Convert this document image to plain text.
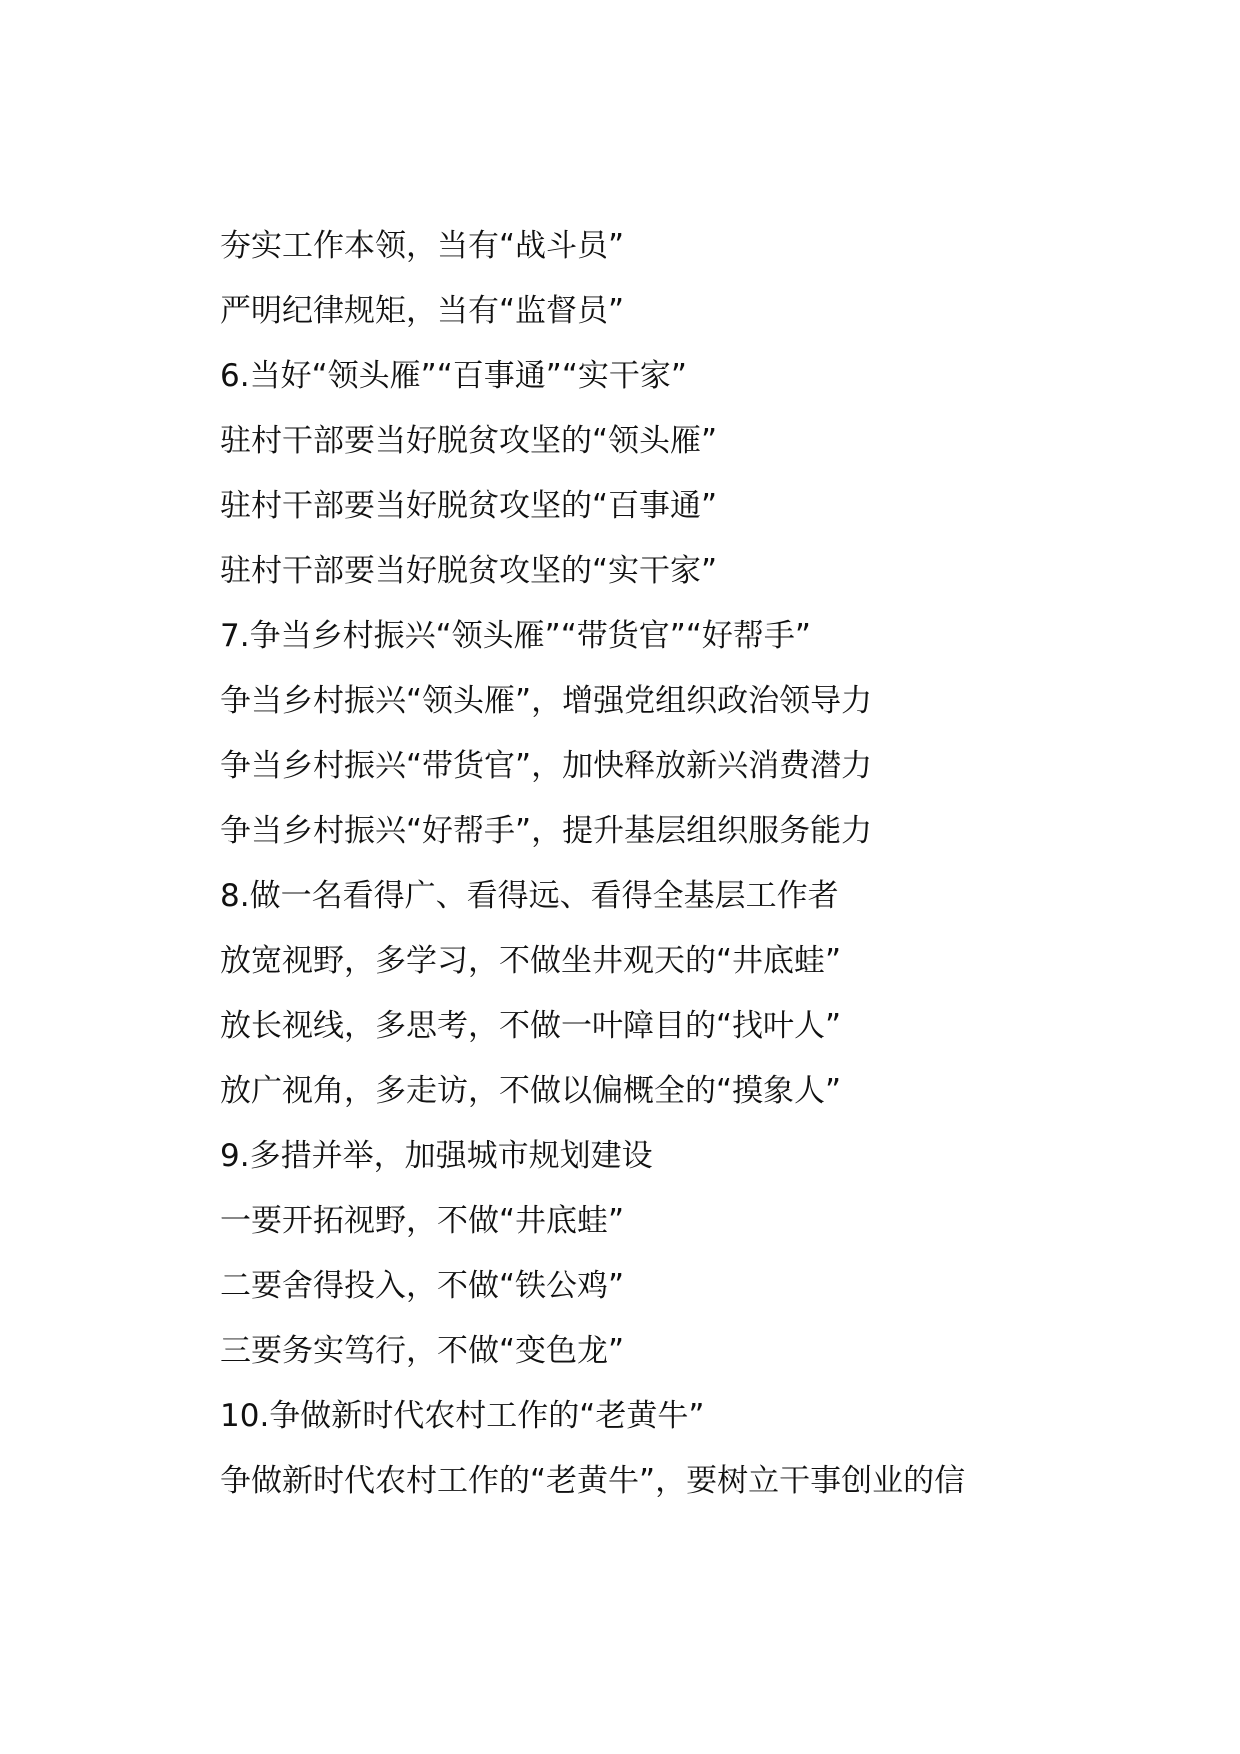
夯实工作本领，当有“战斗员”
严明纪律规矩，当有“监督员”
6.当好“领头雁”“百事通”“实干家”
驻村干部要当好脱贫攻坚的“领头雁”
驻村干部要当好脱贫攻坚的“百事通”
驻村干部要当好脱贫攻坚的“实干家”
7.争当乡村振兴“领头雁”“带货官”“好帮手”
争当乡村振兴“领头雁”，增强党组织政治领导力
争当乡村振兴“带货官”，加快释放新兴消费潜力
争当乡村振兴“好帮手”，提升基层组织服务能力
8.做一名看得广、看得远、看得全基层工作者
放宽视野，多学习，不做坐井观天的“井底蛙”
放长视线，多思考，不做一叶障目的“找叶人”
放广视角，多走访，不做以偏概全的“摸象人”
9.多措并举，加强城市规划建设
一要开拓视野，不做“井底蛙”
二要舍得投入，不做“铁公鸡”
三要务实笃行，不做“变色龙”
10.争做新时代农村工作的“老黄牛”
争做新时代农村工作的“老黄牛”，要树立干事创业的信
